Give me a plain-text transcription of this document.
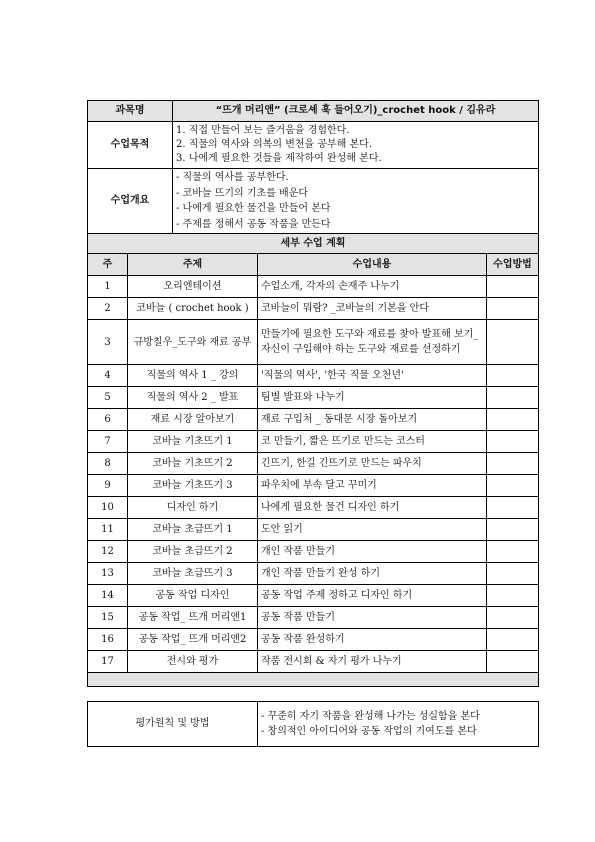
과목명	“뜨개 머리앤” (크로셰 훅 들어오기)_crochet hook / 김유라
수업목적	1. 직접 만들어 보는 즐거움을 경험한다.
2. 직물의 역사와 의복의 변천을 공부해 본다.
3. 나에게 필요한 것들을 제작하여 완성해 본다.

수업개요	- 직물의 역사를 공부한다.
- 코바늘 뜨기의 기초를 배운다
- 나에게 필요한 물건을 만들어 본다
- 주제를 정해서 공동 작품을 만든다
세부 수업 계획			
주	주제	수업내용	수업방법
1	오리엔테이션	수업소개, 각자의 손재주 나누기	
2	코바늘 ( crochet hook )	코바늘이 뭐람? _코바늘의 기본을 안다	
3	규방칠우_도구와 재료 공부	만들기에 필요한 도구와 재료를 찾아 발표해 보기_자신이 구입해야 하는 도구와 재료를 선정하기	
4	직물의 역사 1 _ 강의	'직물의 역사', '한국 직물 오천년'	
5	직물의 역사 2 _ 발표	팀별 발표와 나누기	
6	재료 시장 알아보기	재료 구입처 _ 동대문 시장 돌아보기	
7	코바늘 기초뜨기 1	코 만들기, 짧은 뜨기로 만드는 코스터	
8	코바늘 기초뜨기 2	긴뜨기, 한길 긴뜨기로 만드는 파우치	
9	코바늘 기초뜨기 3	파우치에 부속 달고 꾸미기	
10	디자인 하기	나에게 필요한 물건 디자인 하기	
11	코바늘 초급뜨기 1	도안 읽기	
12	코바늘 초급뜨기 2	개인 작품 만들기	
13	코바늘 초급뜨기 3	개인 작품 만들기 완성 하기	
14	공동 작업 디자인	공동 작업 주제 정하고 디자인 하기	
15	공동 작업_ 뜨개 머리앤1	공동 작품 만들기	
16	공동 작업_ 뜨개 머리앤2	공동 작품 완성하기	
17	전시와 평가	작품 전시회 & 자기 평가 나누기	

평가원칙 및 방법	
- 꾸준히 자기 작품을 완성해 나가는 성실함을 본다
- 창의적인 아이디어와 공동 작업의 기여도를 본다
